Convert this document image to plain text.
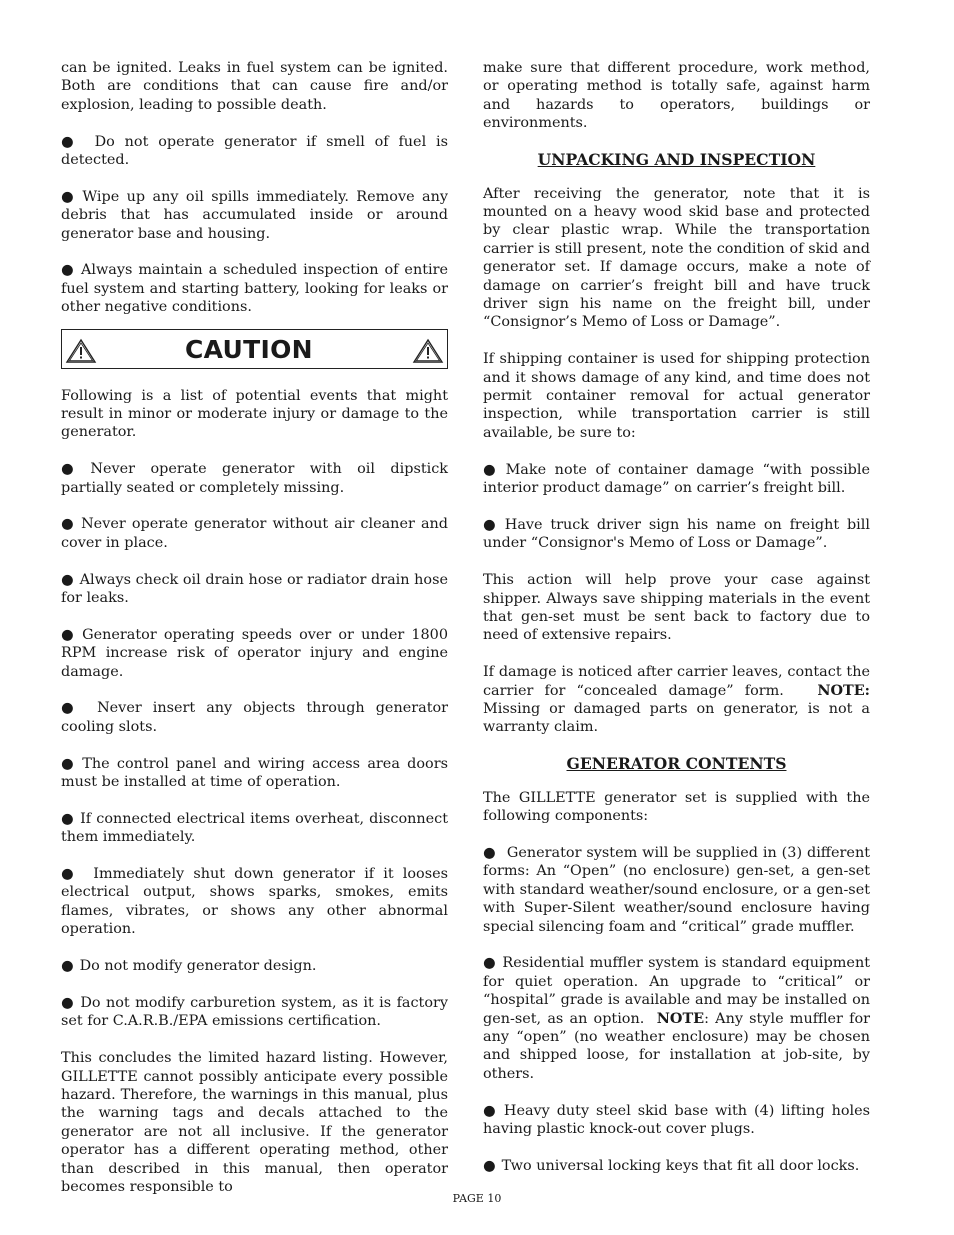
can be ignited. Leaks in fuel system can be ignited. Both are conditions that can cause fire and/or explosion, leading to possible death.

● Do not operate generator if smell of fuel is detected.

● Wipe up any oil spills immediately. Remove any debris that has accumulated inside or around generator base and housing.

● Always maintain a scheduled inspection of entire fuel system and starting battery, looking for leaks or other negative conditions.

CAUTION

Following is a list of potential events that might result in minor or moderate injury or damage to the generator.

● Never operate generator with oil dipstick partially seated or completely missing.

● Never operate generator without air cleaner and cover in place.

● Always check oil drain hose or radiator drain hose for leaks.

● Generator operating speeds over or under 1800 RPM increase risk of operator injury and engine damage.

● Never insert any objects through generator cooling slots.

● The control panel and wiring access area doors must be installed at time of operation.

● If connected electrical items overheat, disconnect them immediately.

● Immediately shut down generator if it looses electrical output, shows sparks, smokes, emits flames, vibrates, or shows any other abnormal operation.

● Do not modify generator design.

● Do not modify carburetion system, as it is factory set for C.A.R.B./EPA emissions certification.

This concludes the limited hazard listing. However, GILLETTE cannot possibly anticipate every possible hazard. Therefore, the warnings in this manual, plus the warning tags and decals attached to the generator are not all inclusive. If the generator operator has a different operating method, other than described in this manual, then operator becomes responsible to

make sure that different procedure, work method, or operating method is totally safe, against harm and hazards to operators, buildings or environments.

UNPACKING AND INSPECTION

After receiving the generator, note that it is mounted on a heavy wood skid base and protected by clear plastic wrap. While the transportation carrier is still present, note the condition of skid and generator set. If damage occurs, make a note of damage on carrier’s freight bill and have truck driver sign his name on the freight bill, under “Consignor’s Memo of Loss or Damage”.

If shipping container is used for shipping protection and it shows damage of any kind, and time does not permit container removal for actual generator inspection, while transportation carrier is still available, be sure to:

● Make note of container damage “with possible interior product damage” on carrier’s freight bill.

● Have truck driver sign his name on freight bill under “Consignor's Memo of Loss or Damage”.

This action will help prove your case against shipper. Always save shipping materials in the event that gen-set must be sent back to factory due to need of extensive repairs.

If damage is noticed after carrier leaves, contact the carrier for “concealed damage” form. NOTE: Missing or damaged parts on generator, is not a warranty claim.

GENERATOR CONTENTS

The GILLETTE generator set is supplied with the following components:

● Generator system will be supplied in (3) different forms: An “Open” (no enclosure) gen-set, a gen-set with standard weather/sound enclosure, or a gen-set with Super-Silent weather/sound enclosure having special silencing foam and “critical” grade muffler.

● Residential muffler system is standard equipment for quiet operation. An upgrade to “critical” or “hospital” grade is available and may be installed on gen-set, as an option. NOTE: Any style muffler for any “open” (no weather enclosure) may be chosen and shipped loose, for installation at job-site, by others.

● Heavy duty steel skid base with (4) lifting holes having plastic knock-out cover plugs.

● Two universal locking keys that fit all door locks.

PAGE 10
